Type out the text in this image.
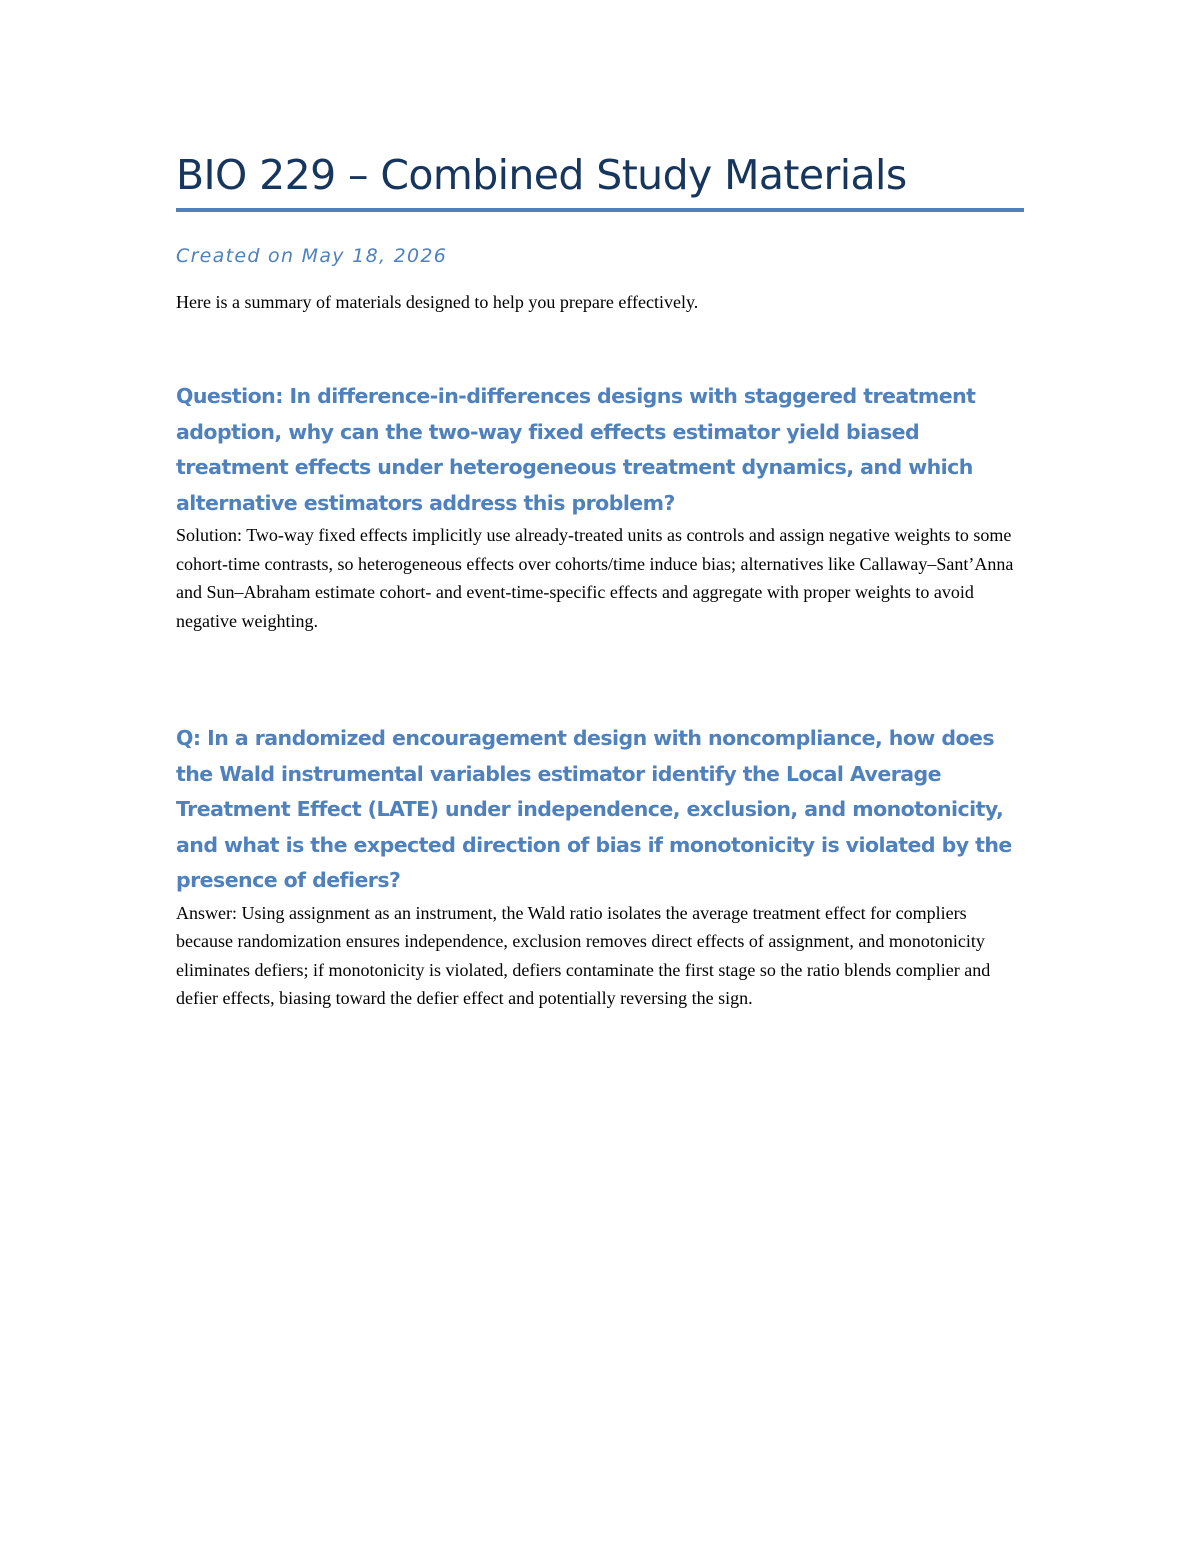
BIO 229 – Combined Study Materials

Created on May 18, 2026

Here is a summary of materials designed to help you prepare effectively.

Question: In difference-in-differences designs with staggered treatment adoption, why can the two-way fixed effects estimator yield biased treatment effects under heterogeneous treatment dynamics, and which alternative estimators address this problem?

Solution: Two-way fixed effects implicitly use already-treated units as controls and assign negative weights to some cohort-time contrasts, so heterogeneous effects over cohorts/time induce bias; alternatives like Callaway–Sant’Anna and Sun–Abraham estimate cohort- and event-time-specific effects and aggregate with proper weights to avoid negative weighting.

Q: In a randomized encouragement design with noncompliance, how does the Wald instrumental variables estimator identify the Local Average Treatment Effect (LATE) under independence, exclusion, and monotonicity, and what is the expected direction of bias if monotonicity is violated by the presence of defiers?

Answer: Using assignment as an instrument, the Wald ratio isolates the average treatment effect for compliers because randomization ensures independence, exclusion removes direct effects of assignment, and monotonicity eliminates defiers; if monotonicity is violated, defiers contaminate the first stage so the ratio blends complier and defier effects, biasing toward the defier effect and potentially reversing the sign.
